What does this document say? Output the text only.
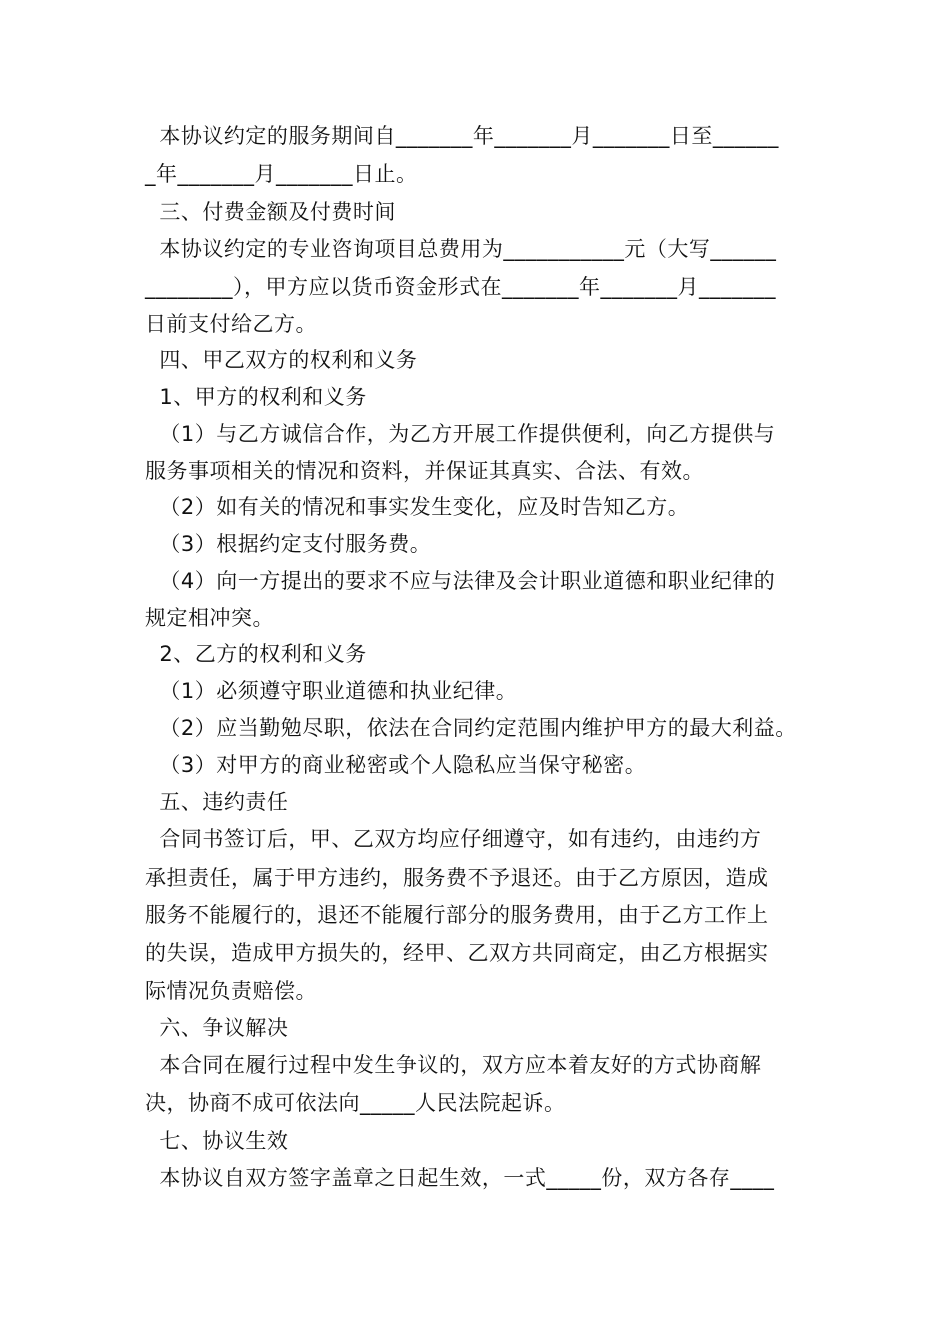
本协议约定的服务期间自_______年_______月_______日至______
_年_______月_______日止。
三、付费金额及付费时间
本协议约定的专业咨询项目总费用为___________元（大写______
________），甲方应以货币资金形式在_______年_______月_______
日前支付给乙方。
四、甲乙双方的权利和义务
1、甲方的权利和义务
（1）与乙方诚信合作，为乙方开展工作提供便利，向乙方提供与
服务事项相关的情况和资料，并保证其真实、合法、有效。
（2）如有关的情况和事实发生变化，应及时告知乙方。
（3）根据约定支付服务费。
（4）向一方提出的要求不应与法律及会计职业道德和职业纪律的
规定相冲突。
2、乙方的权利和义务
（1）必须遵守职业道德和执业纪律。
（2）应当勤勉尽职，依法在合同约定范围内维护甲方的最大利益。
（3）对甲方的商业秘密或个人隐私应当保守秘密。
五、违约责任
合同书签订后，甲、乙双方均应仔细遵守，如有违约，由违约方
承担责任，属于甲方违约，服务费不予退还。由于乙方原因，造成
服务不能履行的，退还不能履行部分的服务费用，由于乙方工作上
的失误，造成甲方损失的，经甲、乙双方共同商定，由乙方根据实
际情况负责赔偿。
六、争议解决
本合同在履行过程中发生争议的，双方应本着友好的方式协商解
决，协商不成可依法向_____人民法院起诉。
七、协议生效
本协议自双方签字盖章之日起生效，一式_____份，双方各存____
